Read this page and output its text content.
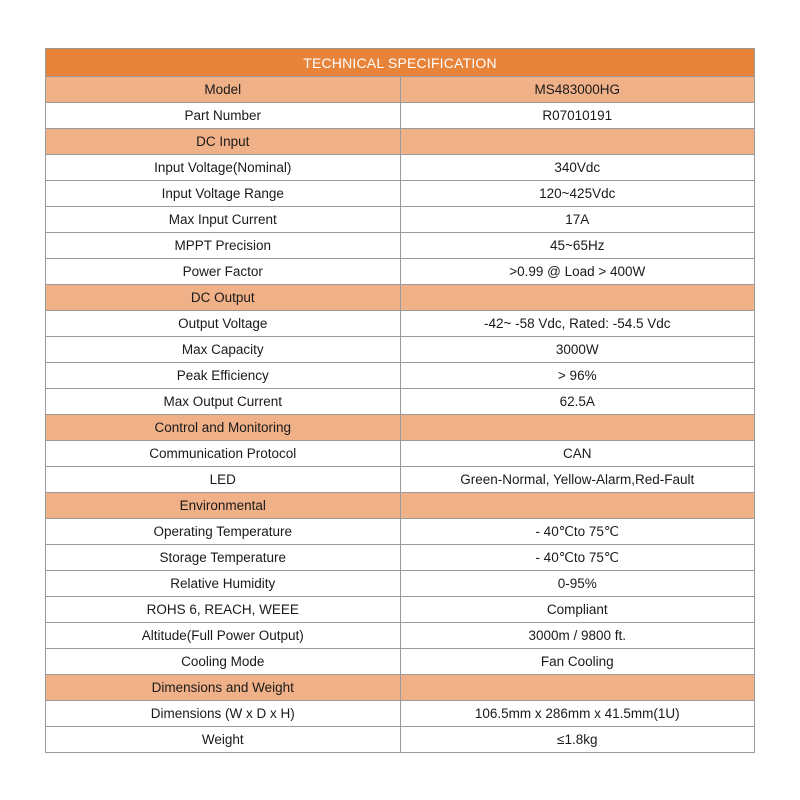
TECHNICAL SPECIFICATION	
Model	MS483000HG
Part Number	R07010191
DC Input	
Input Voltage(Nominal)	340Vdc
Input Voltage Range	120~425Vdc
Max Input Current	17A
MPPT Precision	45~65Hz
Power Factor	>0.99 @ Load > 400W
DC Output	
Output Voltage	-42~ -58 Vdc, Rated: -54.5 Vdc
Max Capacity	3000W
Peak Efficiency	> 96%
Max Output Current	62.5A
Control and Monitoring	
Communication Protocol	CAN
LED	Green-Normal, Yellow-Alarm,Red-Fault
Environmental	
Operating Temperature	- 40℃to 75℃
Storage Temperature	- 40℃to 75℃
Relative Humidity	0-95%
ROHS 6, REACH, WEEE	Compliant
Altitude(Full Power Output)	3000m / 9800 ft.
Cooling Mode	Fan Cooling
Dimensions and Weight	
Dimensions (W x D x H)	106.5mm x 286mm x 41.5mm(1U)
Weight	≤1.8kg
